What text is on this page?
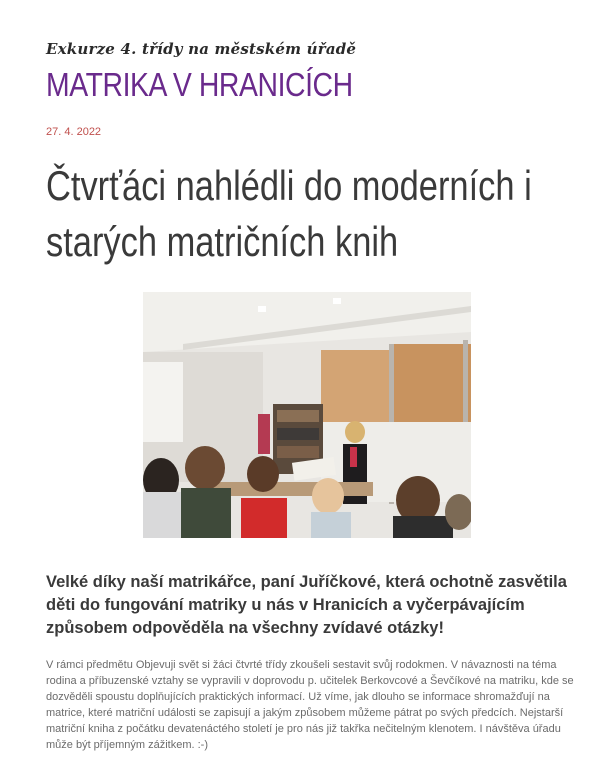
Exkurze 4. třídy na městském úřadě
MATRIKA V HRANICÍCH
27. 4. 2022
Čtvrťáci nahlédli do moderních i starých matričních knih
Velké díky naší matrikářce, paní Juříčkové, která ochotně zasvětila děti do fungování matriky u nás v Hranicích a vyčerpávajícím způsobem odpověděla na všechny zvídavé otázky!
V rámci předmětu Objevuji svět si žáci čtvrté třídy zkoušeli sestavit svůj rodokmen. V návaznosti na téma rodina a příbuzenské vztahy se vypravili v doprovodu p. učitelek Berkovcové a Ševčíkové na matriku, kde se dozvěděli spoustu doplňujících praktických informací. Už víme, jak dlouho se informace shromažďují na matrice, které matriční události se zapisují a jakým způsobem můžeme pátrat po svých předcích. Nejstarší matriční kniha z počátku devatenáctého století je pro nás již takřka nečitelným klenotem. I návštěva úřadu může být příjemným zážitkem. :-)
